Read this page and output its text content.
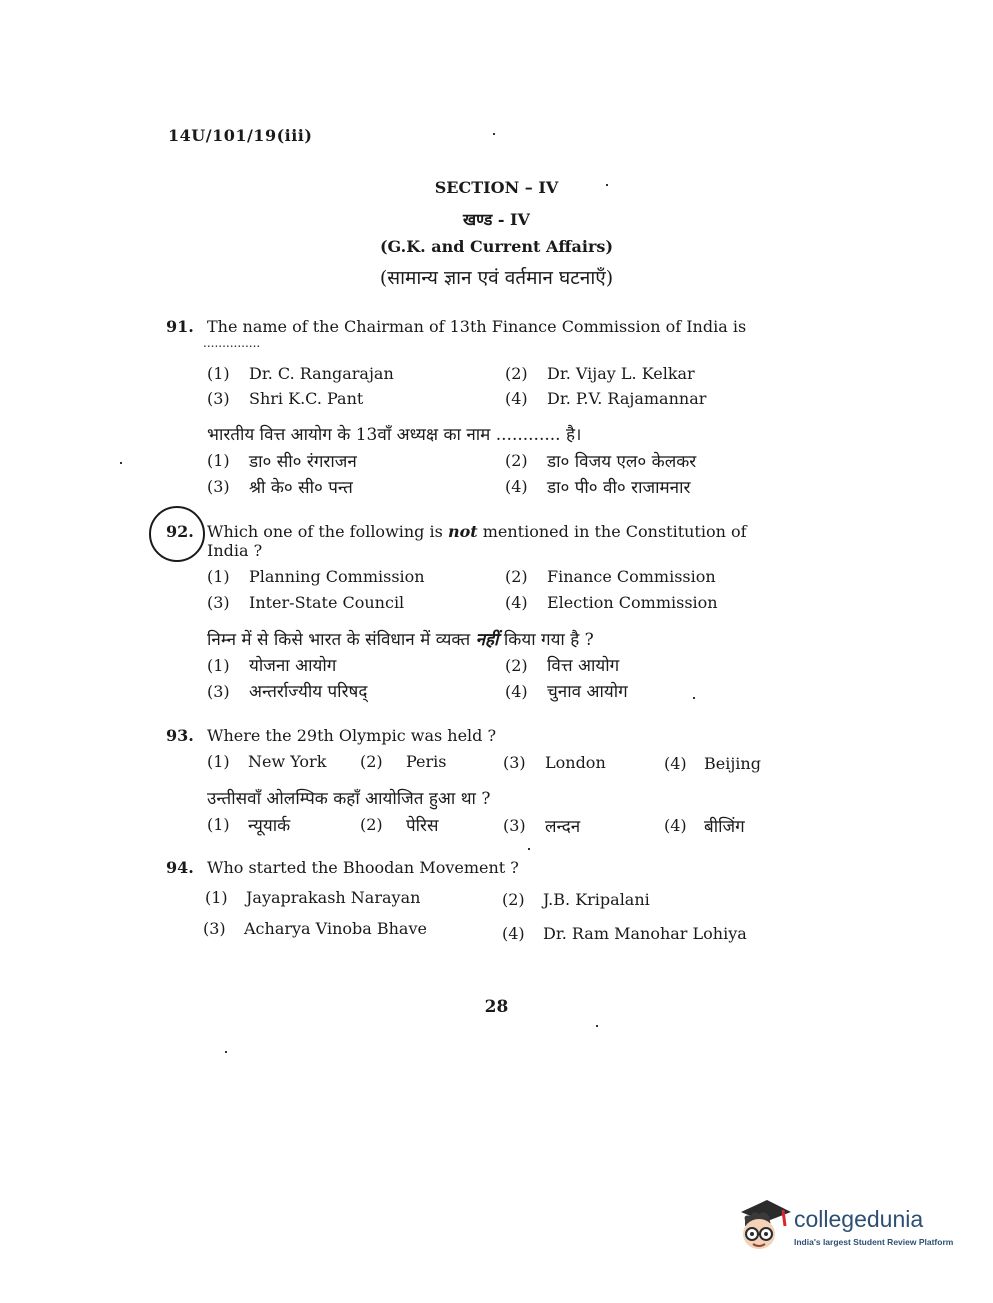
14U/101/19(iii)
SECTION – IV
खण्ड - IV
(G.K. and Current Affairs)
(सामान्य ज्ञान एवं वर्तमान घटनाएँ)
91. The name of the Chairman of 13th Finance Commission of India is
...............
(1) Dr. C. Rangarajan	(2) Dr. Vijay L. Kelkar
(3) Shri K.C. Pant	(4) Dr. P.V. Rajamannar
भारतीय वित्त आयोग के 13वाँ अध्यक्ष का नाम ............ है।
(1) डा० सी० रंगराजन	(2) डा० विजय एल० केलकर
(3) श्री के० सी० पन्त	(4) डा० पी० वी० राजामनार
92. Which one of the following is not mentioned in the Constitution of
India ?
(1) Planning Commission	(2) Finance Commission
(3) Inter-State Council	(4) Election Commission
निम्न में से किसे भारत के संविधान में व्यक्त नहीं किया गया है ?
(1) योजना आयोग	(2) वित्त आयोग
(3) अन्तर्राज्यीय परिषद्	(4) चुनाव आयोग
93. Where the 29th Olympic was held ?
(1) New York (2) Peris	(3) London	(4) Beijing
उन्तीसवाँ ओलम्पिक कहाँ आयोजित हुआ था ?
(1) न्यूयार्क	(2) पेरिस	(3) लन्दन	(4) बीजिंग
94. Who started the Bhoodan Movement ?
(1) Jayaprakash Narayan	(2) J.B. Kripalani
(3) Acharya Vinoba Bhave	(4) Dr. Ram Manohar Lohiya
28
collegedunia
India's largest Student Review Platform
